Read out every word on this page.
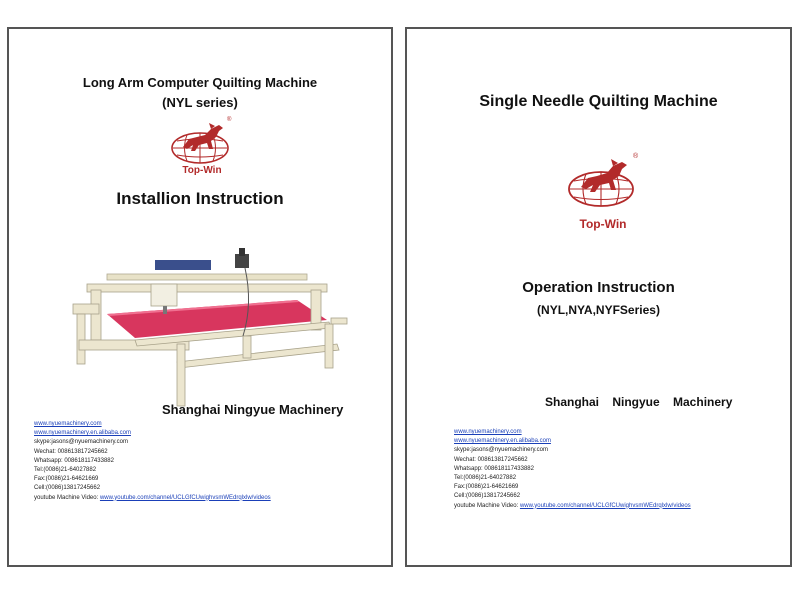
Long Arm Computer Quilting Machine
(NYL series)
®
Top-Win
Installion Instruction
Shanghai Ningyue Machinery
www.nyuemachinery.com
www.nyuemachinery.en.alibaba.com
skype:jasons@nyuemachinery.com
Wechat: 008613817245662
Whatsapp: 008618117433882
Tel:(0086)21-64027882
Fax:(0086)21-64621669
Cell:(0086)13817245662
youtube Machine Video: www.youtube.com/channel/UCLGfCUwighvsmWEdrqlxlw/videos
Single Needle Quilting Machine
®
Top-Win
Operation Instruction
(NYL,NYA,NYFSeries)
Shanghai    Ningyue    Machinery
www.nyuemachinery.com
www.nyuemachinery.en.alibaba.com
skype:jasons@nyuemachinery.com
Wechat: 008613817245662
Whatsapp: 008618117433882
Tel:(0086)21-64027882
Fax:(0086)21-64621669
Cell:(0086)13817245662
youtube Machine Video: www.youtube.com/channel/UCLGfCUwighvsmWEdrqlxlw/videos
